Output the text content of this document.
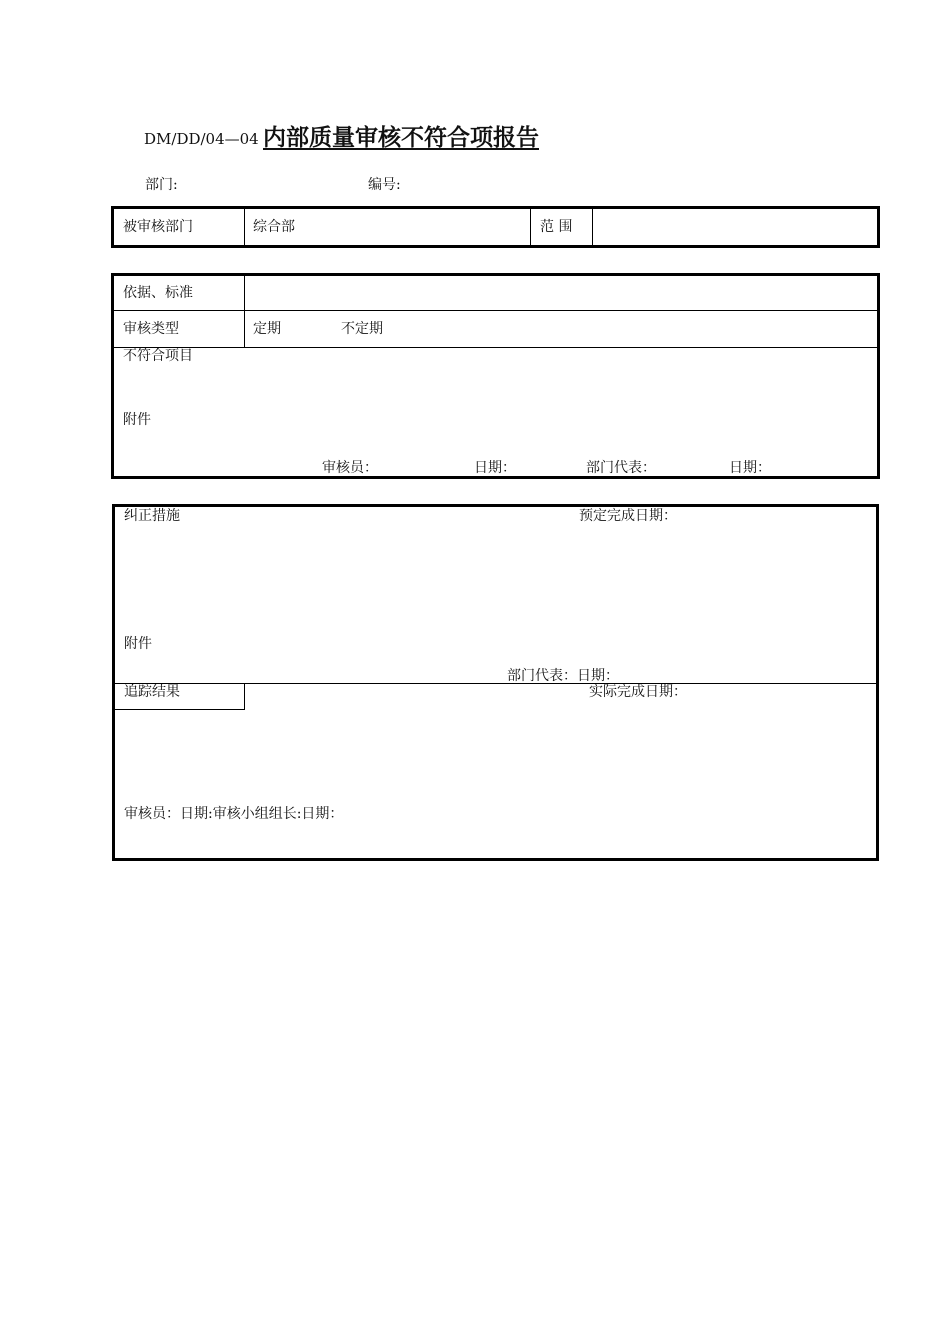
DM/DD/04—04 内部质量审核不符合项报告
部门:	编号:
被审核部门	综合部	范 围
依据、标准
审核类型	定期	不定期
不符合项目
附件
审核员：	日期：	部门代表：	日期：
纠正措施	预定完成日期：
附件
部门代表：日期：
追踪结果	实际完成日期：
审核员：日期:审核小组组长:日期：
